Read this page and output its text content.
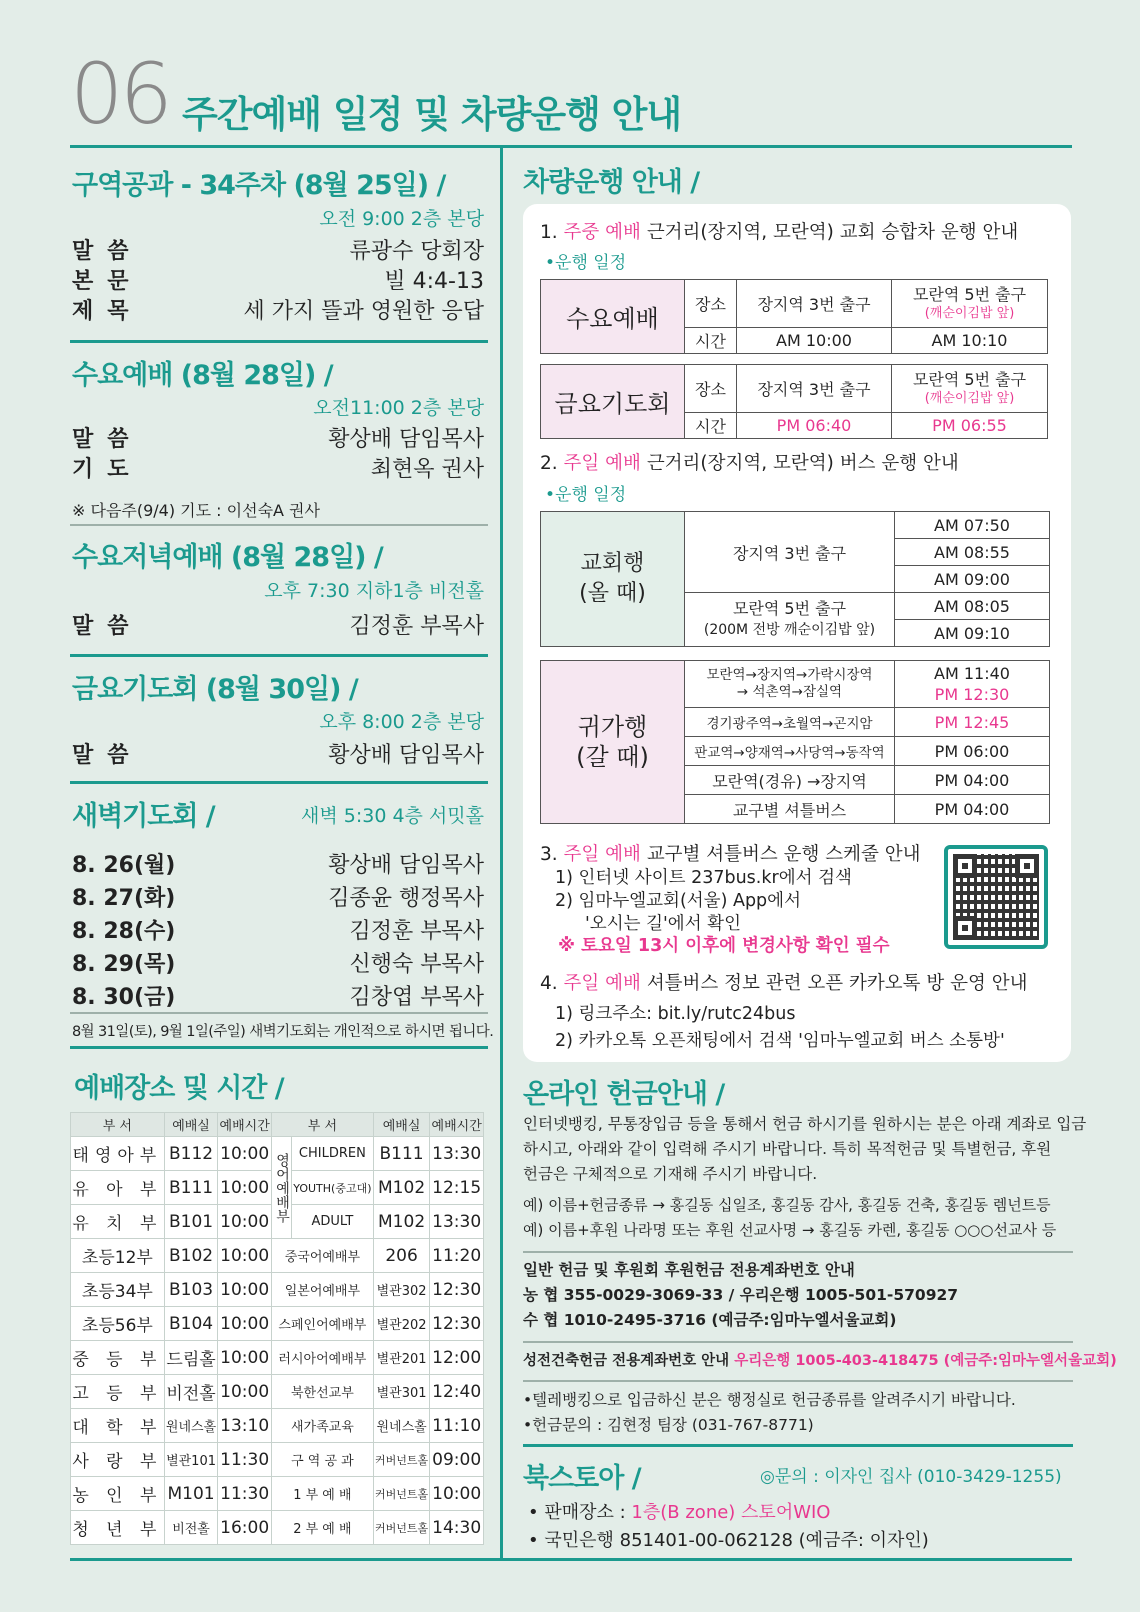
06 주간예배 일정 및 차량운행 안내
구역공과 - 34주차 (8월 25일) /
오전 9:00 2층 본당
말씀	류광수 당회장
본문	빌 4:4-13
제목	세 가지 뜰과 영원한 응답
수요예배 (8월 28일) /
오전11:00 2층 본당
말씀	황상배 담임목사
기도	최현옥 권사
※ 다음주(9/4) 기도 : 이선숙A 권사
수요저녁예배 (8월 28일) /
오후 7:30 지하1층 비전홀
말씀	김정훈 부목사
금요기도회 (8월 30일) /
오후 8:00 2층 본당
말씀	황상배 담임목사
새벽기도회 /	새벽 5:30 4층 서밋홀
8. 26(월)	황상배 담임목사
8. 27(화)	김종윤 행정목사
8. 28(수)	김정훈 부목사
8. 29(목)	신행숙 부목사
8. 30(금)	김창엽 부목사
8월 31일(토), 9월 1일(주일) 새벽기도회는 개인적으로 하시면 됩니다.
예배장소 및 시간 /
부 서	예배실	예배시간	부 서		예배실	예배시간
태영아부	B112	10:00	영어예배부	CHILDREN	B111	13:30
유 아 부	B111	10:00		YOUTH(중고대)	M102	12:15
유 치 부	B101	10:00		ADULT	M102	13:30
초등12부	B102	10:00	중국어예배부		206	11:20
초등34부	B103	10:00	일본어예배부		별관302	12:30
초등56부	B104	10:00	스페인어예배부		별관202	12:30
중 등 부	드림홀	10:00	러시아어예배부		별관201	12:00
고 등 부	비전홀	10:00	북한선교부		별관301	12:40
대 학 부	원네스홀	13:10	새가족교육		원네스홀	11:10
사 랑 부	별관101	11:30	구 역 공 과		커버넌트홀	09:00
농 인 부	M101	11:30	1 부 예 배		커버넌트홀	10:00
청 년 부	비전홀	16:00	2 부 예 배		커버넌트홀	14:30
차량운행 안내 /
1. 주중 예배 근거리(장지역, 모란역) 교회 승합차 운행 안내
•운행 일정
수요예배	장소	장지역 3번 출구	모란역 5번 출구
(깨순이김밥 앞)

	시간	AM 10:00	AM 10:10
금요기도회	장소	장지역 3번 출구	모란역 5번 출구
(깨순이김밥 앞)

	시간	PM 06:40	PM 06:55
2. 주일 예배 근거리(장지역, 모란역) 버스 운행 안내
•운행 일정
교회행
(올 때)	장지역 3번 출구	AM 07:50
		AM 08:55
		AM 09:00
	모란역 5번 출구
(200M 전방 깨순이김밥 앞)	AM 08:05
		AM 09:10
귀가행
(갈 때)	모란역→장지역→가락시장역
→ 석촌역→잠실역	AM 11:40
PM 12:30
	경기광주역→초월역→곤지암	PM 12:45
	판교역→양재역→사당역→동작역	PM 06:00
	모란역(경유) →장지역	PM 04:00
	교구별 셔틀버스	PM 04:00
3. 주일 예배 교구별 셔틀버스 운행 스케줄 안내
1) 인터넷 사이트 237bus.kr에서 검색
2) 임마누엘교회(서울) App에서
'오시는 길'에서 확인
※ 토요일 13시 이후에 변경사항 확인 필수
4. 주일 예배 셔틀버스 정보 관련 오픈 카카오톡 방 운영 안내
1) 링크주소: bit.ly/rutc24bus
2) 카카오톡 오픈채팅에서 검색 '임마누엘교회 버스 소통방'
온라인 헌금안내 /
인터넷뱅킹, 무통장입금 등을 통해서 헌금 하시기를 원하시는 분은 아래 계좌로 입금
하시고, 아래와 같이 입력해 주시기 바랍니다. 특히 목적헌금 및 특별헌금, 후원
헌금은 구체적으로 기재해 주시기 바랍니다.
예) 이름+헌금종류 → 홍길동 십일조, 홍길동 감사, 홍길동 건축, 홍길동 렘넌트등
예) 이름+후원 나라명 또는 후원 선교사명 → 홍길동 카렌, 홍길동 ○○○선교사 등
일반 헌금 및 후원회 후원헌금 전용계좌번호 안내
농 협 355-0029-3069-33 / 우리은행 1005-501-570927
수 협 1010-2495-3716 (예금주:임마누엘서울교회)
성전건축헌금 전용계좌번호 안내 우리은행 1005-403-418475 (예금주:임마누엘서울교회)
•텔레뱅킹으로 입금하신 분은 행정실로 헌금종류를 알려주시기 바랍니다.
•헌금문의 : 김현정 팀장 (031-767-8771)
북스토아 /	◎문의 : 이자인 집사 (010-3429-1255)
• 판매장소 : 1층(B zone) 스토어WIO
• 국민은행 851401-00-062128 (예금주: 이자인)
